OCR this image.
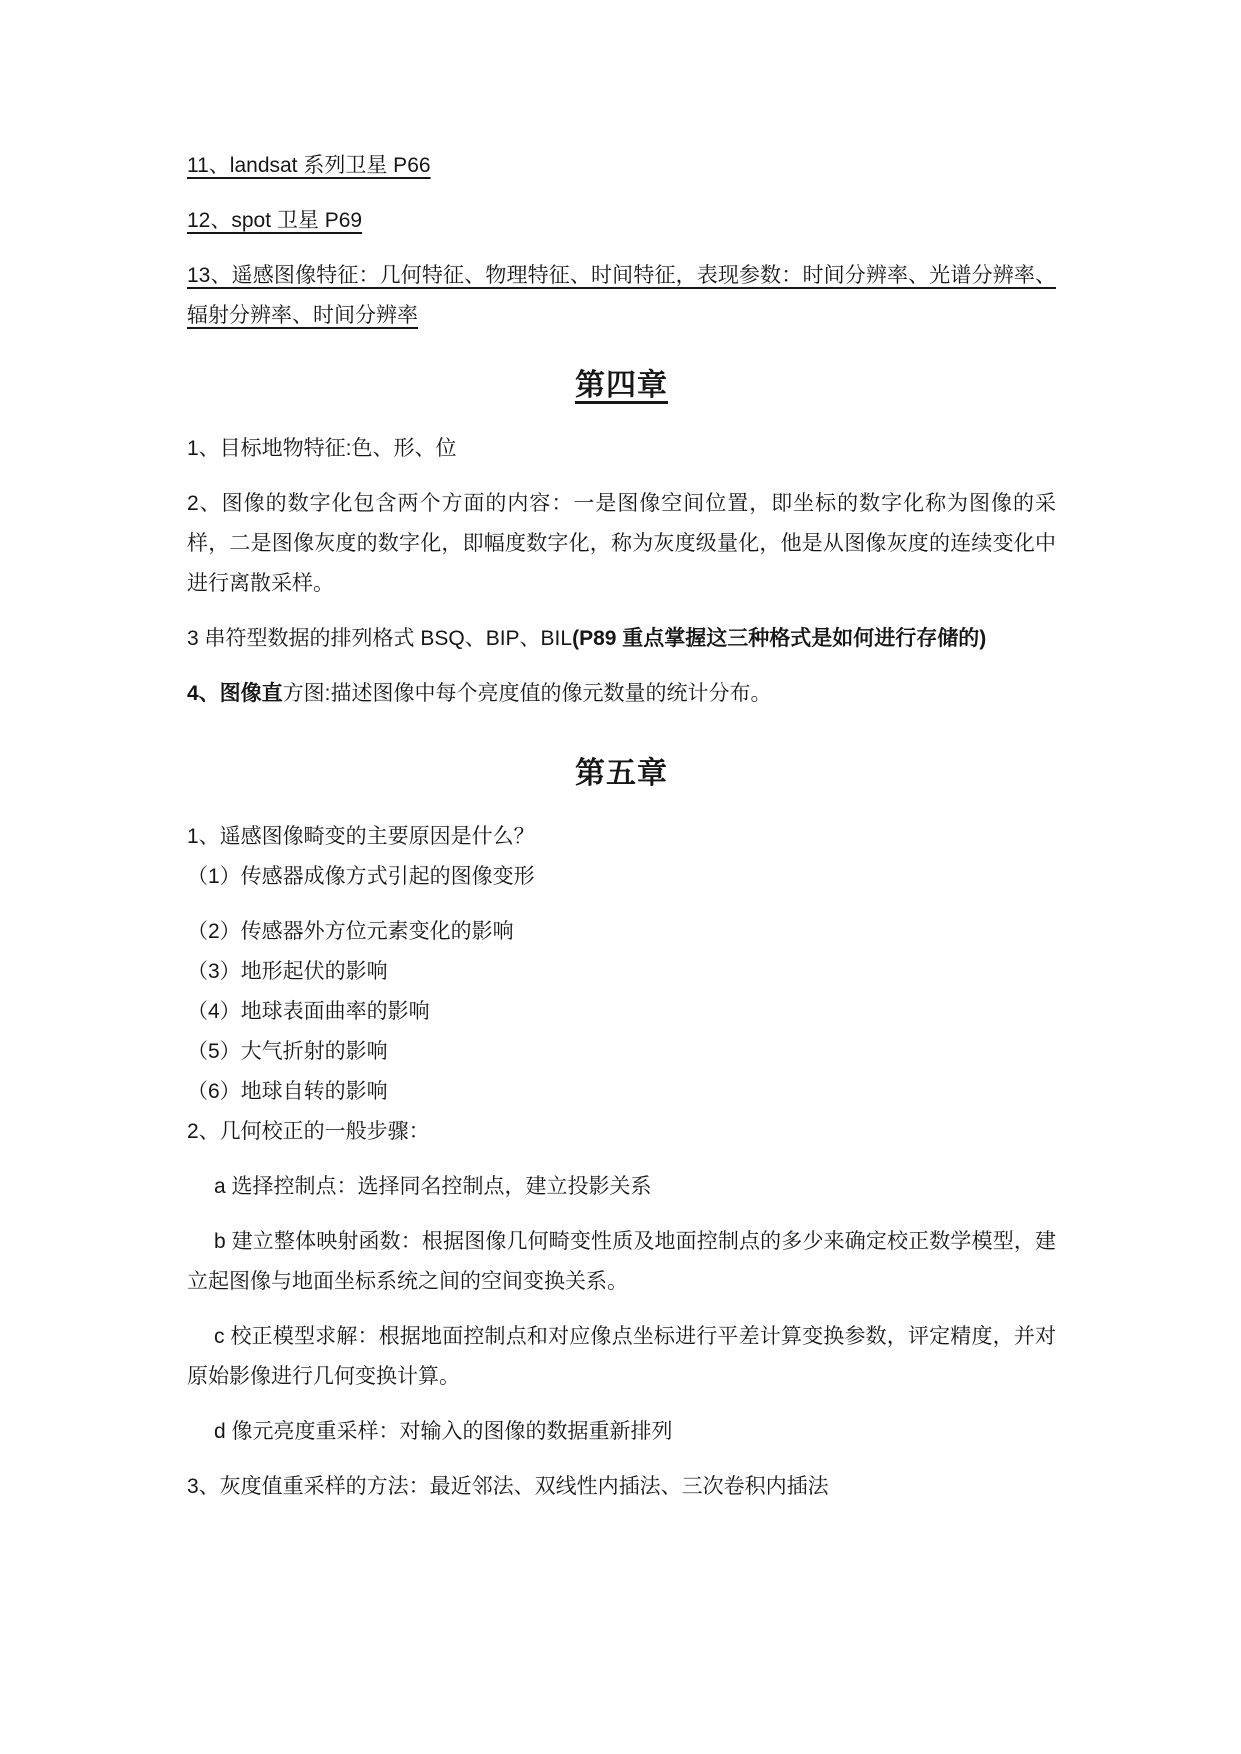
11、landsat 系列卫星 P66

12、spot 卫星 P69

13、遥感图像特征：几何特征、物理特征、时间特征，表现参数：时间分辨率、光谱分辨率、辐射分辨率、时间分辨率

第四章

1、目标地物特征:色、形、位

2、图像的数字化包含两个方面的内容：一是图像空间位置，即坐标的数字化称为图像的采样，二是图像灰度的数字化，即幅度数字化，称为灰度级量化，他是从图像灰度的连续变化中进行离散采样。

3 串符型数据的排列格式 BSQ、BIP、BIL(P89 重点掌握这三种格式是如何进行存储的)

4、图像直方图:描述图像中每个亮度值的像元数量的统计分布。

第五章

1、遥感图像畸变的主要原因是什么？
（1）传感器成像方式引起的图像变形

（2）传感器外方位元素变化的影响
（3）地形起伏的影响
（4）地球表面曲率的影响
（5）大气折射的影响
（6）地球自转的影响
2、几何校正的一般步骤：

a 选择控制点：选择同名控制点，建立投影关系

b 建立整体映射函数：根据图像几何畸变性质及地面控制点的多少来确定校正数学模型，建立起图像与地面坐标系统之间的空间变换关系。

c 校正模型求解：根据地面控制点和对应像点坐标进行平差计算变换参数，评定精度，并对原始影像进行几何变换计算。

d 像元亮度重采样：对输入的图像的数据重新排列

3、灰度值重采样的方法：最近邻法、双线性内插法、三次卷积内插法
